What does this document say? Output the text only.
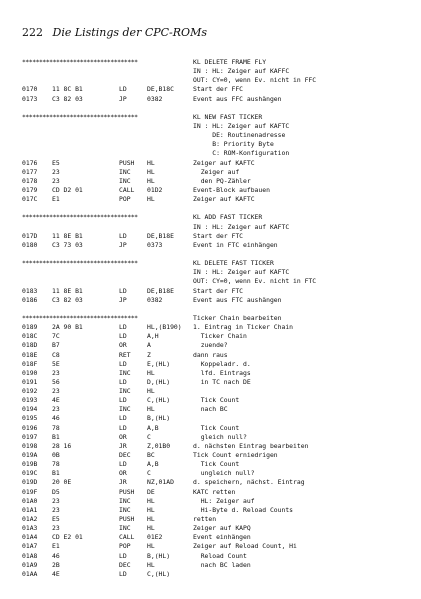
222 Die Listings der CPC-ROMs
**********************************	KL DELETE FRAME FLY
IN : HL: Zeiger auf KAFFC
OUT: CY=0, wenn Ev. nicht in FFC
0170 11 8C B1	LD	DE,B18C	Start der FFC
0173 C3 82 03	JP	0382	Event aus FFC aushängen
**********************************	KL NEW FAST TICKER
IN : HL: Zeiger auf KAFTC
DE: Routinenadresse
B: Priority Byte
C: ROM-Konfiguration
0176 E5	PUSH HL	Zeiger auf KAFTC
0177 23	INC	HL	Zeiger auf
0178 23	INC	HL	den PQ-Zähler
0179 CD D2 01	CALL 01D2	Event-Block aufbauen
017C E1	POP	HL	Zeiger auf KAFTC
**********************************	KL ADD FAST TICKER
IN : HL: Zeiger auf KAFTC
017D 11 8E B1	LD	DE,B18E	Start der FTC
0180 C3 73 03	JP	0373	Event in FTC einhängen
**********************************	KL DELETE FAST TICKER
IN : HL: Zeiger auf KAFTC
OUT: CY=0, wenn Ev. nicht in FTC
0183 11 8E B1	LD	DE,B18E	Start der FTC
0186 C3 82 03	JP	0382	Event aus FTC aushängen
**********************************	Ticker Chain bearbeiten
0189 2A 90 B1	LD	HL,(B190) 1. Eintrag in Ticker Chain
018C 7C	LD	A,H	Ticker Chain
018D B7	OR	A	zuende?
018E C8	RET	Z	dann raus
018F 5E	LD	E,(HL)	Koppeladr. d.
0190 23	INC	HL	lfd. Eintrags
0191 56	LD	D,(HL)	in TC nach DE
0192 23	INC	HL
0193 4E	LD	C,(HL)	Tick Count
0194 23	INC	HL	nach BC
0195 46	LD	B,(HL)
0196 78	LD	A,B	Tick Count
0197 B1	OR	C	gleich null?
0198 28 16	JR	Z,01B0	d. nächsten Eintrag bearbeiten
019A 0B	DEC	BC	Tick Count erniedrigen
019B 78	LD	A,B	Tick Count
019C B1	OR	C	ungleich null?
019D 20 0E	JR	NZ,01AD	d. speichern, nächst. Eintrag
019F D5	PUSH DE	KATC retten
01A0 23	INC	HL	HL: Zeiger auf
01A1 23	INC	HL	Hi-Byte d. Reload Counts
01A2 E5	PUSH HL	retten
01A3 23	INC	HL	Zeiger auf KAPQ
01A4 CD E2 01	CALL 01E2	Event einhängen
01A7 E1	POP	HL	Zeiger auf Reload Count, Hi
01A8 46	LD	B,(HL)	Reload Count
01A9 2B	DEC	HL	nach BC laden
01AA 4E	LD	C,(HL)
